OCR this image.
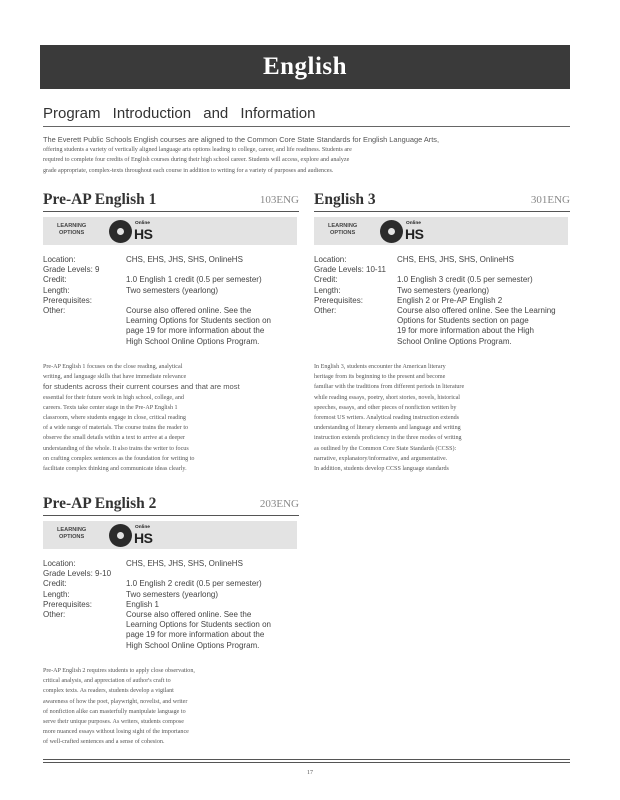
English
Program Introduction and Information
The Everett Public Schools English courses are aligned to the Common Core State Standards for English Language Arts,
offering students a variety of vertically aligned language arts options leading to college, career, and life readiness. Students are
required to complete four credits of English courses during their high school career. Students will access, explore and analyze
grade appropriate, complex-texts throughout each course in addition to writing for a variety of purposes and audiences.
Pre-AP English 1	103ENG
LEARNING
OPTIONS
Online
HS
Location:	CHS, EHS, JHS, SHS, OnlineHS
Grade Levels: 9
Credit:	1.0 English 1 credit (0.5 per semester)
Length:	Two semesters (yearlong)
Prerequisites:
Other:	Course also offered online. See the
Learning Options for Students section on
page 19 for more information about the
High School Online Options Program.
Pre-AP English 1 focuses on the close reading, analytical
writing, and language skills that have immediate relevance
for students across their current courses and that are most
essential for their future work in high school, college, and
careers. Texts take center stage in the Pre-AP English 1
classroom, where students engage in close, critical reading
of a wide range of materials. The course trains the reader to
observe the small details within a text to arrive at a deeper
understanding of the whole. It also trains the writer to focus
on crafting complex sentences as the foundation for writing to
facilitate complex thinking and communicate ideas clearly.
English 3	301ENG
LEARNING
OPTIONS
Online
HS
Location:	CHS, EHS, JHS, SHS, OnlineHS
Grade Levels: 10-11
Credit:	1.0 English 3 credit (0.5 per semester)
Length:	Two semesters (yearlong)
Prerequisites:	English 2 or Pre-AP English 2
Other:	Course also offered online. See the Learning
Options for Students section on page
19 for more information about the High
School Online Options Program.
In English 3, students encounter the American literary
heritage from its beginning to the present and become
familiar with the traditions from different periods in literature
while reading essays, poetry, short stories, novels, historical
speeches, essays, and other pieces of nonfiction written by
foremost US writers. Analytical reading instruction extends
understanding of literary elements and language and writing
instruction extends proficiency in the three modes of writing
as outlined by the Common Core State Standards (CCSS):
narrative, explanatory/informative, and argumentative.
In addition, students develop CCSS language standards
Pre-AP English 2	203ENG
LEARNING
OPTIONS
Online
HS
Location:	CHS, EHS, JHS, SHS, OnlineHS
Grade Levels: 9-10
Credit:	1.0 English 2 credit (0.5 per semester)
Length:	Two semesters (yearlong)
Prerequisites:	English 1
Other:	Course also offered online. See the
Learning Options for Students section on
page 19 for more information about the
High School Online Options Program.
Pre-AP English 2 requires students to apply close observation,
critical analysis, and appreciation of author's craft to
complex texts. As readers, students develop a vigilant
awareness of how the poet, playwright, novelist, and writer
of nonfiction alike can masterfully manipulate language to
serve their unique purposes. As writers, students compose
more nuanced essays without losing sight of the importance
of well-crafted sentences and a sense of cohesion.
17
